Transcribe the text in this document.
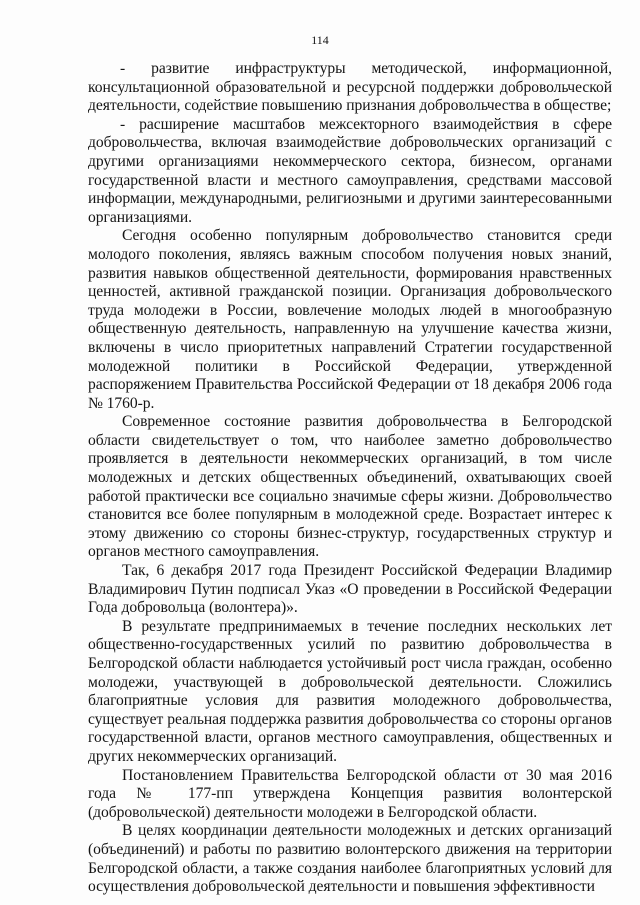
114

- развитие инфраструктуры методической, информационной, консультационной образовательной и ресурсной поддержки добровольческой деятельности, содействие повышению признания добровольчества в обществе;

- расширение масштабов межсекторного взаимодействия в сфере добровольчества, включая взаимодействие добровольческих организаций с другими организациями некоммерческого сектора, бизнесом, органами государственной власти и местного самоуправления, средствами массовой информации, международными, религиозными и другими заинтересованными организациями.

Сегодня особенно популярным добровольчество становится среди молодого поколения, являясь важным способом получения новых знаний, развития навыков общественной деятельности, формирования нравственных ценностей, активной гражданской позиции. Организация добровольческого труда молодежи в России, вовлечение молодых людей в многообразную общественную деятельность, направленную на улучшение качества жизни, включены в число приоритетных направлений Стратегии государственной молодежной политики в Российской Федерации, утвержденной распоряжением Правительства Российской Федерации от 18 декабря 2006 года № 1760-р.

Современное состояние развития добровольчества в Белгородской области свидетельствует о том, что наиболее заметно добровольчество проявляется в деятельности некоммерческих организаций, в том числе молодежных и детских общественных объединений, охватывающих своей работой практически все социально значимые сферы жизни. Добровольчество становится все более популярным в молодежной среде. Возрастает интерес к этому движению со стороны бизнес-структур, государственных структур и органов местного самоуправления.

Так, 6 декабря 2017 года Президент Российской Федерации Владимир Владимирович Путин подписал Указ «О проведении в Российской Федерации Года добровольца (волонтера)».

В результате предпринимаемых в течение последних нескольких лет общественно-государственных усилий по развитию добровольчества в Белгородской области наблюдается устойчивый рост числа граждан, особенно молодежи, участвующей в добровольческой деятельности. Сложились благоприятные условия для развития молодежного добровольчества, существует реальная поддержка развития добровольчества со стороны органов государственной власти, органов местного самоуправления, общественных и других некоммерческих организаций.

Постановлением Правительства Белгородской области от 30 мая 2016 года № 177-пп утверждена Концепция развития волонтерской (добровольческой) деятельности молодежи в Белгородской области.

В целях координации деятельности молодежных и детских организаций (объединений) и работы по развитию волонтерского движения на территории Белгородской области, а также создания наиболее благоприятных условий для осуществления добровольческой деятельности и повышения эффективности
